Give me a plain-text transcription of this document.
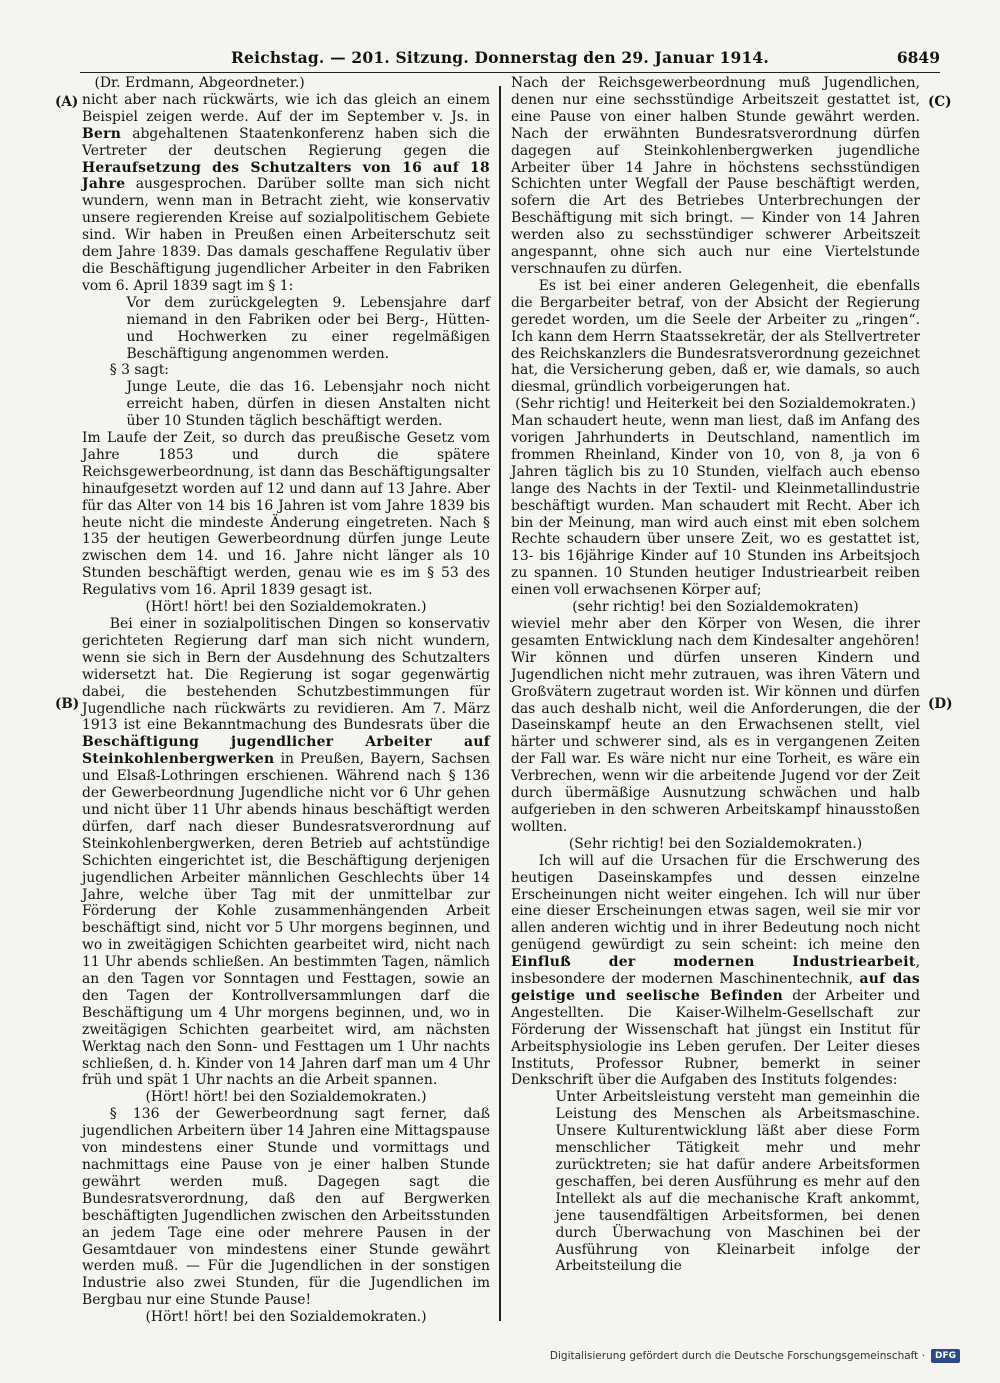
Reichstag. — 201. Sitzung. Donnerstag den 29. Januar 1914.	6849
(A)
(B)
(C)
(D)

(Dr. Erdmann, Abgeordneter.)

nicht aber nach rückwärts, wie ich das gleich an einem Beispiel zeigen werde. Auf der im September v. Js. in Bern abgehaltenen Staatenkonferenz haben sich die Vertreter der deutschen Regierung gegen die Heraufsetzung des Schutzalters von 16 auf 18 Jahre ausgesprochen. Darüber sollte man sich nicht wundern, wenn man in Betracht zieht, wie konservativ unsere regierenden Kreise auf sozialpolitischem Gebiete sind. Wir haben in Preußen einen Arbeiterschutz seit dem Jahre 1839. Das damals geschaffene Regulativ über die Beschäftigung jugendlicher Arbeiter in den Fabriken vom 6. April 1839 sagt im § 1:

Vor dem zurückgelegten 9. Lebensjahre darf niemand in den Fabriken oder bei Berg-, Hütten- und Hochwerken zu einer regelmäßigen Beschäftigung angenommen werden.

§ 3 sagt:

Junge Leute, die das 16. Lebensjahr noch nicht erreicht haben, dürfen in diesen Anstalten nicht über 10 Stunden täglich beschäftigt werden.

Im Laufe der Zeit, so durch das preußische Gesetz vom Jahre 1853 und durch die spätere Reichsgewerbeordnung, ist dann das Beschäftigungsalter hinaufgesetzt worden auf 12 und dann auf 13 Jahre. Aber für das Alter von 14 bis 16 Jahren ist vom Jahre 1839 bis heute nicht die mindeste Änderung eingetreten. Nach § 135 der heutigen Gewerbeordnung dürfen junge Leute zwischen dem 14. und 16. Jahre nicht länger als 10 Stunden beschäftigt werden, genau wie es im § 53 des Regulativs vom 16. April 1839 gesagt ist.

(Hört! hört! bei den Sozialdemokraten.)

Bei einer in sozialpolitischen Dingen so konservativ gerichteten Regierung darf man sich nicht wundern, wenn sie sich in Bern der Ausdehnung des Schutzalters widersetzt hat. Die Regierung ist sogar gegenwärtig dabei, die bestehenden Schutzbestimmungen für Jugendliche nach rückwärts zu revidieren. Am 7. März 1913 ist eine Bekanntmachung des Bundesrats über die Beschäftigung jugendlicher Arbeiter auf Steinkohlenbergwerken in Preußen, Bayern, Sachsen und Elsaß-Lothringen erschienen. Während nach § 136 der Gewerbeordnung Jugendliche nicht vor 6 Uhr gehen und nicht über 11 Uhr abends hinaus beschäftigt werden dürfen, darf nach dieser Bundesratsverordnung auf Steinkohlenbergwerken, deren Betrieb auf achtstündige Schichten eingerichtet ist, die Beschäftigung derjenigen jugendlichen Arbeiter männlichen Geschlechts über 14 Jahre, welche über Tag mit der unmittelbar zur Förderung der Kohle zusammenhängenden Arbeit beschäftigt sind, nicht vor 5 Uhr morgens beginnen, und wo in zweitägigen Schichten gearbeitet wird, nicht nach 11 Uhr abends schließen. An bestimmten Tagen, nämlich an den Tagen vor Sonntagen und Festtagen, sowie an den Tagen der Kontrollversammlungen darf die Beschäftigung um 4 Uhr morgens beginnen, und, wo in zweitägigen Schichten gearbeitet wird, am nächsten Werktag nach den Sonn- und Festtagen um 1 Uhr nachts schließen, d. h. Kinder von 14 Jahren darf man um 4 Uhr früh und spät 1 Uhr nachts an die Arbeit spannen.

(Hört! hört! bei den Sozialdemokraten.)

§ 136 der Gewerbeordnung sagt ferner, daß jugendlichen Arbeitern über 14 Jahren eine Mittagspause von mindestens einer Stunde und vormittags und nachmittags eine Pause von je einer halben Stunde gewährt werden muß. Dagegen sagt die Bundesratsverordnung, daß den auf Bergwerken beschäftigten Jugendlichen zwischen den Arbeitsstunden an jedem Tage eine oder mehrere Pausen in der Gesamtdauer von mindestens einer Stunde gewährt werden muß. — Für die Jugendlichen in der sonstigen Industrie also zwei Stunden, für die Jugendlichen im Bergbau nur eine Stunde Pause!

(Hört! hört! bei den Sozialdemokraten.)

Nach der Reichsgewerbeordnung muß Jugendlichen, denen nur eine sechsstündige Arbeitszeit gestattet ist, eine Pause von einer halben Stunde gewährt werden. Nach der erwähnten Bundesratsverordnung dürfen dagegen auf Steinkohlenbergwerken jugendliche Arbeiter über 14 Jahre in höchstens sechsstündigen Schichten unter Wegfall der Pause beschäftigt werden, sofern die Art des Betriebes Unterbrechungen der Beschäftigung mit sich bringt. — Kinder von 14 Jahren werden also zu sechsstündiger schwerer Arbeitszeit angespannt, ohne sich auch nur eine Viertelstunde verschnaufen zu dürfen.

Es ist bei einer anderen Gelegenheit, die ebenfalls die Bergarbeiter betraf, von der Absicht der Regierung geredet worden, um die Seele der Arbeiter zu „ringen“. Ich kann dem Herrn Staatssekretär, der als Stellvertreter des Reichskanzlers die Bundesratsverordnung gezeichnet hat, die Versicherung geben, daß er, wie damals, so auch diesmal, gründlich vorbeigerungen hat.

(Sehr richtig! und Heiterkeit bei den Sozialdemokraten.)

Man schaudert heute, wenn man liest, daß im Anfang des vorigen Jahrhunderts in Deutschland, namentlich im frommen Rheinland, Kinder von 10, von 8, ja von 6 Jahren täglich bis zu 10 Stunden, vielfach auch ebenso lange des Nachts in der Textil- und Kleinmetallindustrie beschäftigt wurden. Man schaudert mit Recht. Aber ich bin der Meinung, man wird auch einst mit eben solchem Rechte schaudern über unsere Zeit, wo es gestattet ist, 13- bis 16jährige Kinder auf 10 Stunden ins Arbeitsjoch zu spannen. 10 Stunden heutiger Industriearbeit reiben einen voll erwachsenen Körper auf;

(sehr richtig! bei den Sozialdemokraten)

wieviel mehr aber den Körper von Wesen, die ihrer gesamten Entwicklung nach dem Kindesalter angehören! Wir können und dürfen unseren Kindern und Jugendlichen nicht mehr zutrauen, was ihren Vätern und Großvätern zugetraut worden ist. Wir können und dürfen das auch deshalb nicht, weil die Anforderungen, die der Daseinskampf heute an den Erwachsenen stellt, viel härter und schwerer sind, als es in vergangenen Zeiten der Fall war. Es wäre nicht nur eine Torheit, es wäre ein Verbrechen, wenn wir die arbeitende Jugend vor der Zeit durch übermäßige Ausnutzung schwächen und halb aufgerieben in den schweren Arbeitskampf hinausstoßen wollten.

(Sehr richtig! bei den Sozialdemokraten.)

Ich will auf die Ursachen für die Erschwerung des heutigen Daseinskampfes und dessen einzelne Erscheinungen nicht weiter eingehen. Ich will nur über eine dieser Erscheinungen etwas sagen, weil sie mir vor allen anderen wichtig und in ihrer Bedeutung noch nicht genügend gewürdigt zu sein scheint: ich meine den Einfluß der modernen Industriearbeit, insbesondere der modernen Maschinentechnik, auf das geistige und seelische Befinden der Arbeiter und Angestellten. Die Kaiser-Wilhelm-Gesellschaft zur Förderung der Wissenschaft hat jüngst ein Institut für Arbeitsphysiologie ins Leben gerufen. Der Leiter dieses Instituts, Professor Rubner, bemerkt in seiner Denkschrift über die Aufgaben des Instituts folgendes:

Unter Arbeitsleistung versteht man gemeinhin die Leistung des Menschen als Arbeitsmaschine. Unsere Kulturentwicklung läßt aber diese Form menschlicher Tätigkeit mehr und mehr zurücktreten; sie hat dafür andere Arbeitsformen geschaffen, bei deren Ausführung es mehr auf den Intellekt als auf die mechanische Kraft ankommt, jene tausendfältigen Arbeitsformen, bei denen durch Überwachung von Maschinen bei der Ausführung von Kleinarbeit infolge der Arbeitsteilung die

Digitalisierung gefördert durch die Deutsche Forschungsgemeinschaft ·	DFG
